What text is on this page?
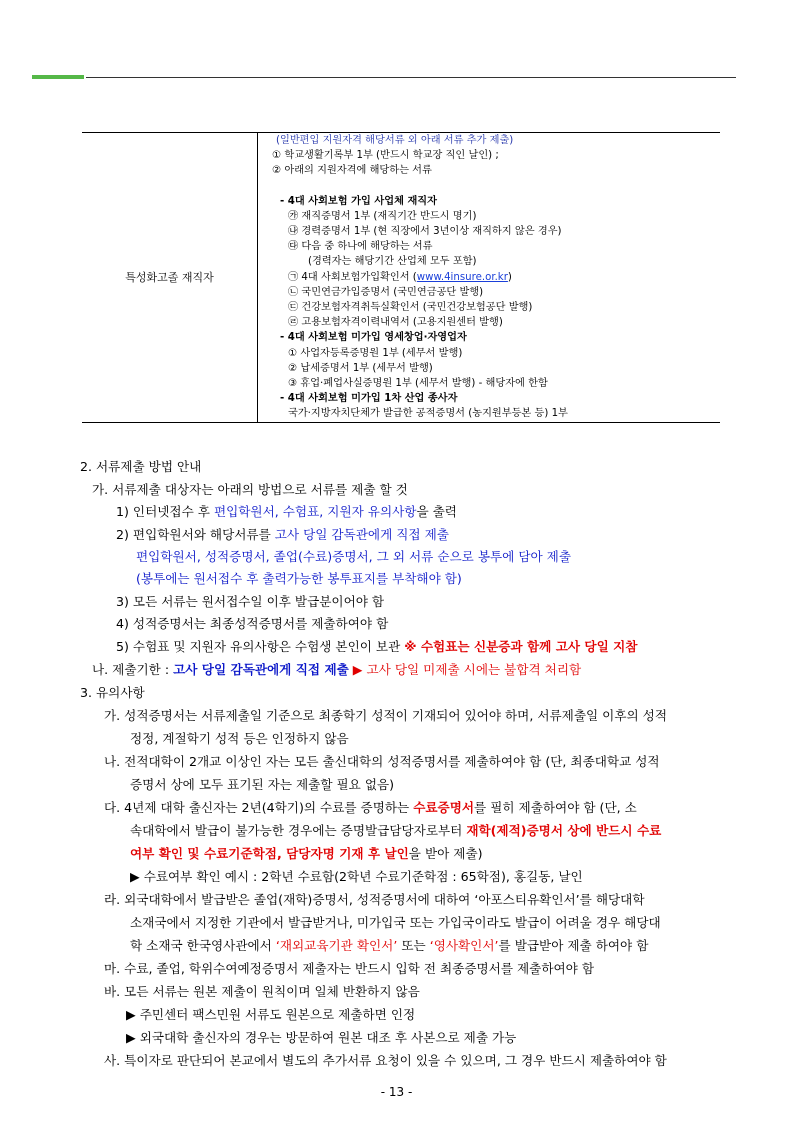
특성화고졸 재직자	
(일반편입 지원자격 해당서류 외 아래 서류 추가 제출)
① 학교생활기록부 1부 (반드시 학교장 직인 날인) ;
② 아래의 지원자격에 해당하는 서류
- 4대 사회보험 가입 사업체 재직자
㉮ 재직증명서 1부 (재직기간 반드시 명기)
㉯ 경력증명서 1부 (현 직장에서 3년이상 재직하지 않은 경우)
㉰ 다음 중 하나에 해당하는 서류
(경력자는 해당기간 산업체 모두 포함)
㉠ 4대 사회보험가입확인서 (www.4insure.or.kr)
㉡ 국민연금가입증명서 (국민연금공단 발행)
㉢ 건강보험자격취득실확인서 (국민건강보험공단 발행)
㉣ 고용보험자격이력내역서 (고용지원센터 발행)
- 4대 사회보험 미가입 영세창업·자영업자
① 사업자등록증명원 1부 (세무서 발행)
② 납세증명서 1부 (세무서 발행)
③ 휴업·폐업사실증명원 1부 (세무서 발행) - 해당자에 한함
- 4대 사회보험 미가입 1차 산업 종사자
국가·지방자치단체가 발급한 공적증명서 (농지원부등본 등) 1부
2. 서류제출 방법 안내
가. 서류제출 대상자는 아래의 방법으로 서류를 제출 할 것
1) 인터넷접수 후 편입학원서, 수험표, 지원자 유의사항을 출력
2) 편입학원서와 해당서류를 고사 당일 감독관에게 직접 제출
편입학원서, 성적증명서, 졸업(수료)증명서, 그 외 서류 순으로 봉투에 담아 제출
(봉투에는 원서접수 후 출력가능한 봉투표지를 부착해야 함)
3) 모든 서류는 원서접수일 이후 발급분이어야 함
4) 성적증명서는 최종성적증명서를 제출하여야 함
5) 수험표 및 지원자 유의사항은 수험생 본인이 보관 ※ 수험표는 신분증과 함께 고사 당일 지참
나. 제출기한 : 고사 당일 감독관에게 직접 제출 ▶ 고사 당일 미제출 시에는 불합격 처리함
3. 유의사항
가. 성적증명서는 서류제출일 기준으로 최종학기 성적이 기재되어 있어야 하며, 서류제출일 이후의 성적
정정, 계절학기 성적 등은 인정하지 않음
나. 전적대학이 2개교 이상인 자는 모든 출신대학의 성적증명서를 제출하여야 함 (단, 최종대학교 성적
증명서 상에 모두 표기된 자는 제출할 필요 없음)
다. 4년제 대학 출신자는 2년(4학기)의 수료를 증명하는 수료증명서를 필히 제출하여야 함 (단, 소
속대학에서 발급이 불가능한 경우에는 증명발급담당자로부터 재학(제적)증명서 상에 반드시 수료
여부 확인 및 수료기준학점, 담당자명 기재 후 날인을 받아 제출)
▶ 수료여부 확인 예시 : 2학년 수료함(2학년 수료기준학점 : 65학점), 홍길동, 날인
라. 외국대학에서 발급받은 졸업(재학)증명서, 성적증명서에 대하여 ‘아포스티유확인서’를 해당대학
소재국에서 지정한 기관에서 발급받거나, 미가입국 또는 가입국이라도 발급이 어려울 경우 해당대
학 소재국 한국영사관에서 ‘재외교육기관 확인서’ 또는 ‘영사확인서’를 발급받아 제출 하여야 함
마. 수료, 졸업, 학위수여예정증명서 제출자는 반드시 입학 전 최종증명서를 제출하여야 함
바. 모든 서류는 원본 제출이 원칙이며 일체 반환하지 않음
▶ 주민센터 팩스민원 서류도 원본으로 제출하면 인정
▶ 외국대학 출신자의 경우는 방문하여 원본 대조 후 사본으로 제출 가능
사. 특이자로 판단되어 본교에서 별도의 추가서류 요청이 있을 수 있으며, 그 경우 반드시 제출하여야 함
- 13 -
